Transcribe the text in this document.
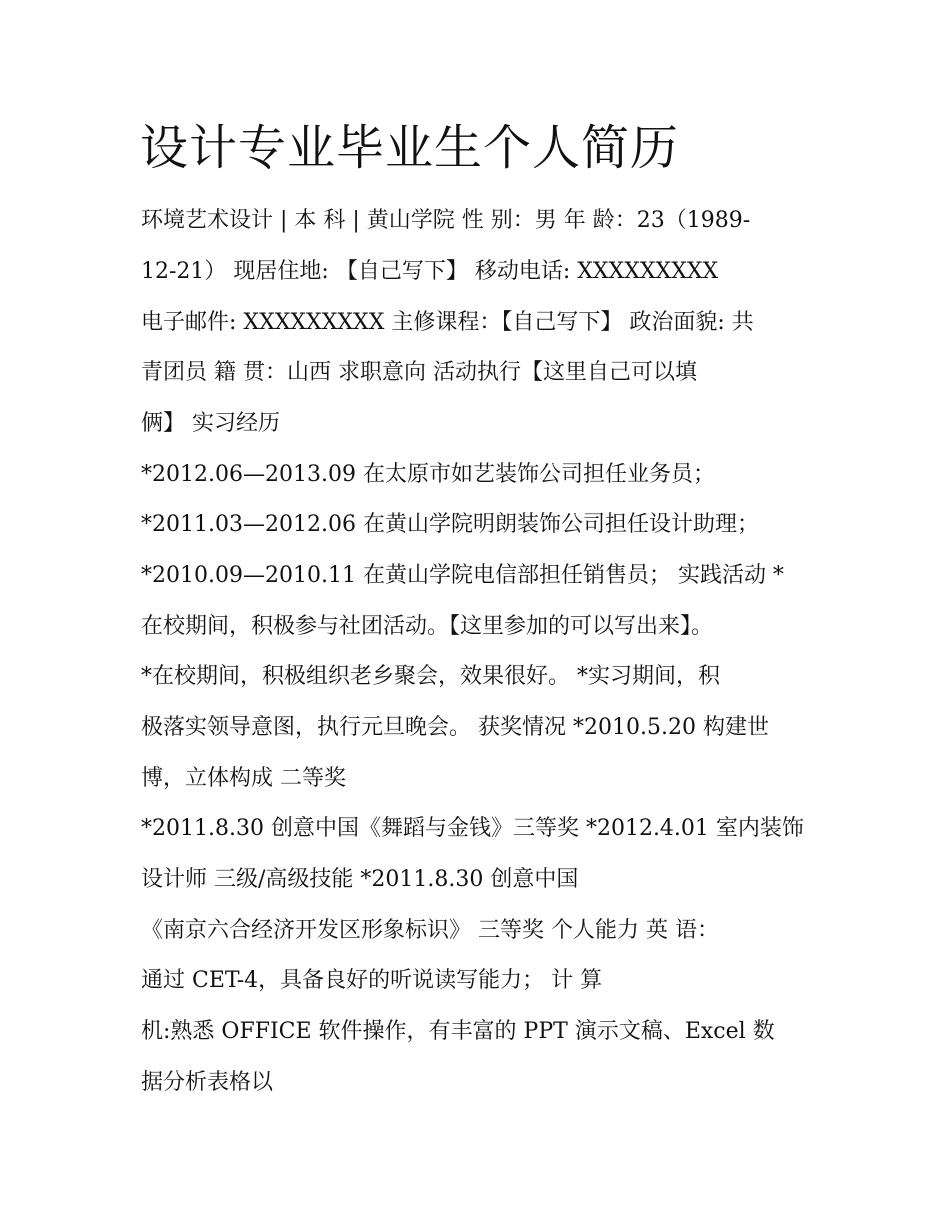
设计专业毕业生个人简历

环境艺术设计 | 本 科 | 黄山学院 性 别：男 年 龄：23（1989-

12-21） 现居住地: 【自己写下】 移动电话: XXXXXXXXX

电子邮件: XXXXXXXXX 主修课程：【自己写下】 政治面貌: 共

青团员 籍 贯：山西 求职意向 活动执行【这里自己可以填

俩】 实习经历

*2012.06—2013.09 在太原市如艺装饰公司担任业务员；

*2011.03—2012.06 在黄山学院明朗装饰公司担任设计助理；

*2010.09—2010.11 在黄山学院电信部担任销售员； 实践活动 *

在校期间，积极参与社团活动。【这里参加的可以写出来】。

*在校期间，积极组织老乡聚会，效果很好。 *实习期间，积

极落实领导意图，执行元旦晚会。 获奖情况 *2010.5.20 构建世

博，立体构成 二等奖

*2011.8.30 创意中国《舞蹈与金钱》三等奖 *2012.4.01 室内装饰

设计师 三级/高级技能 *2011.8.30 创意中国

《南京六合经济开发区形象标识》 三等奖 个人能力 英 语：

通过 CET-4，具备良好的听说读写能力； 计 算

机:熟悉 OFFICE 软件操作，有丰富的 PPT 演示文稿、Excel 数

据分析表格以
